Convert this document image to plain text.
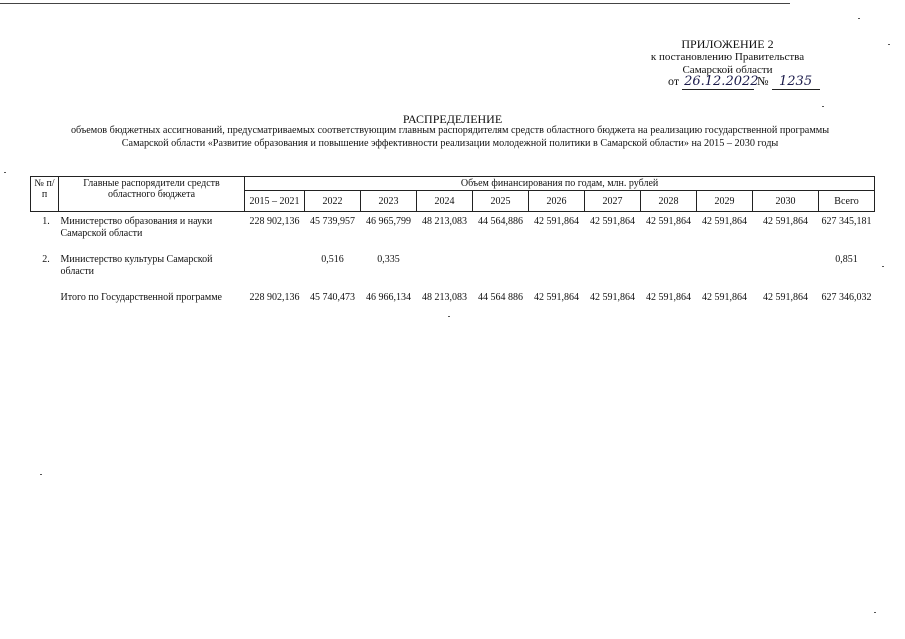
ПРИЛОЖЕНИЕ 2
к постановлению Правительства
Самарской области
от 26.12.2022 № 1235
РАСПРЕДЕЛЕНИЕ
объемов бюджетных ассигнований, предусматриваемых соответствующим главным распорядителям средств областного бюджета на реализацию государственной программы
Самарской области «Развитие образования и повышение эффективности реализации молодежной политики в Самарской области» на 2015 – 2030 годы
№ п/п	Главные распорядители средств областного бюджета	Объем финансирования по годам, млн. рублей										
		2015 – 2021	2022	2023	2024	2025	2026	2027	2028	2029	2030	Всего
1.	Министерство образования и науки Самарской области	228 902,136	45 739,957	46 965,799	48 213,083	44 564,886	42 591,864	42 591,864	42 591,864	42 591,864	42 591,864	627 345,181

2.	Министерство культуры Самарской области		0,516	0,335								0,851

	Итого по Государственной программе	228 902,136	45 740,473	46 966,134	48 213,083	44 564 886	42 591,864	42 591,864	42 591,864	42 591,864	42 591,864	627 346,032
